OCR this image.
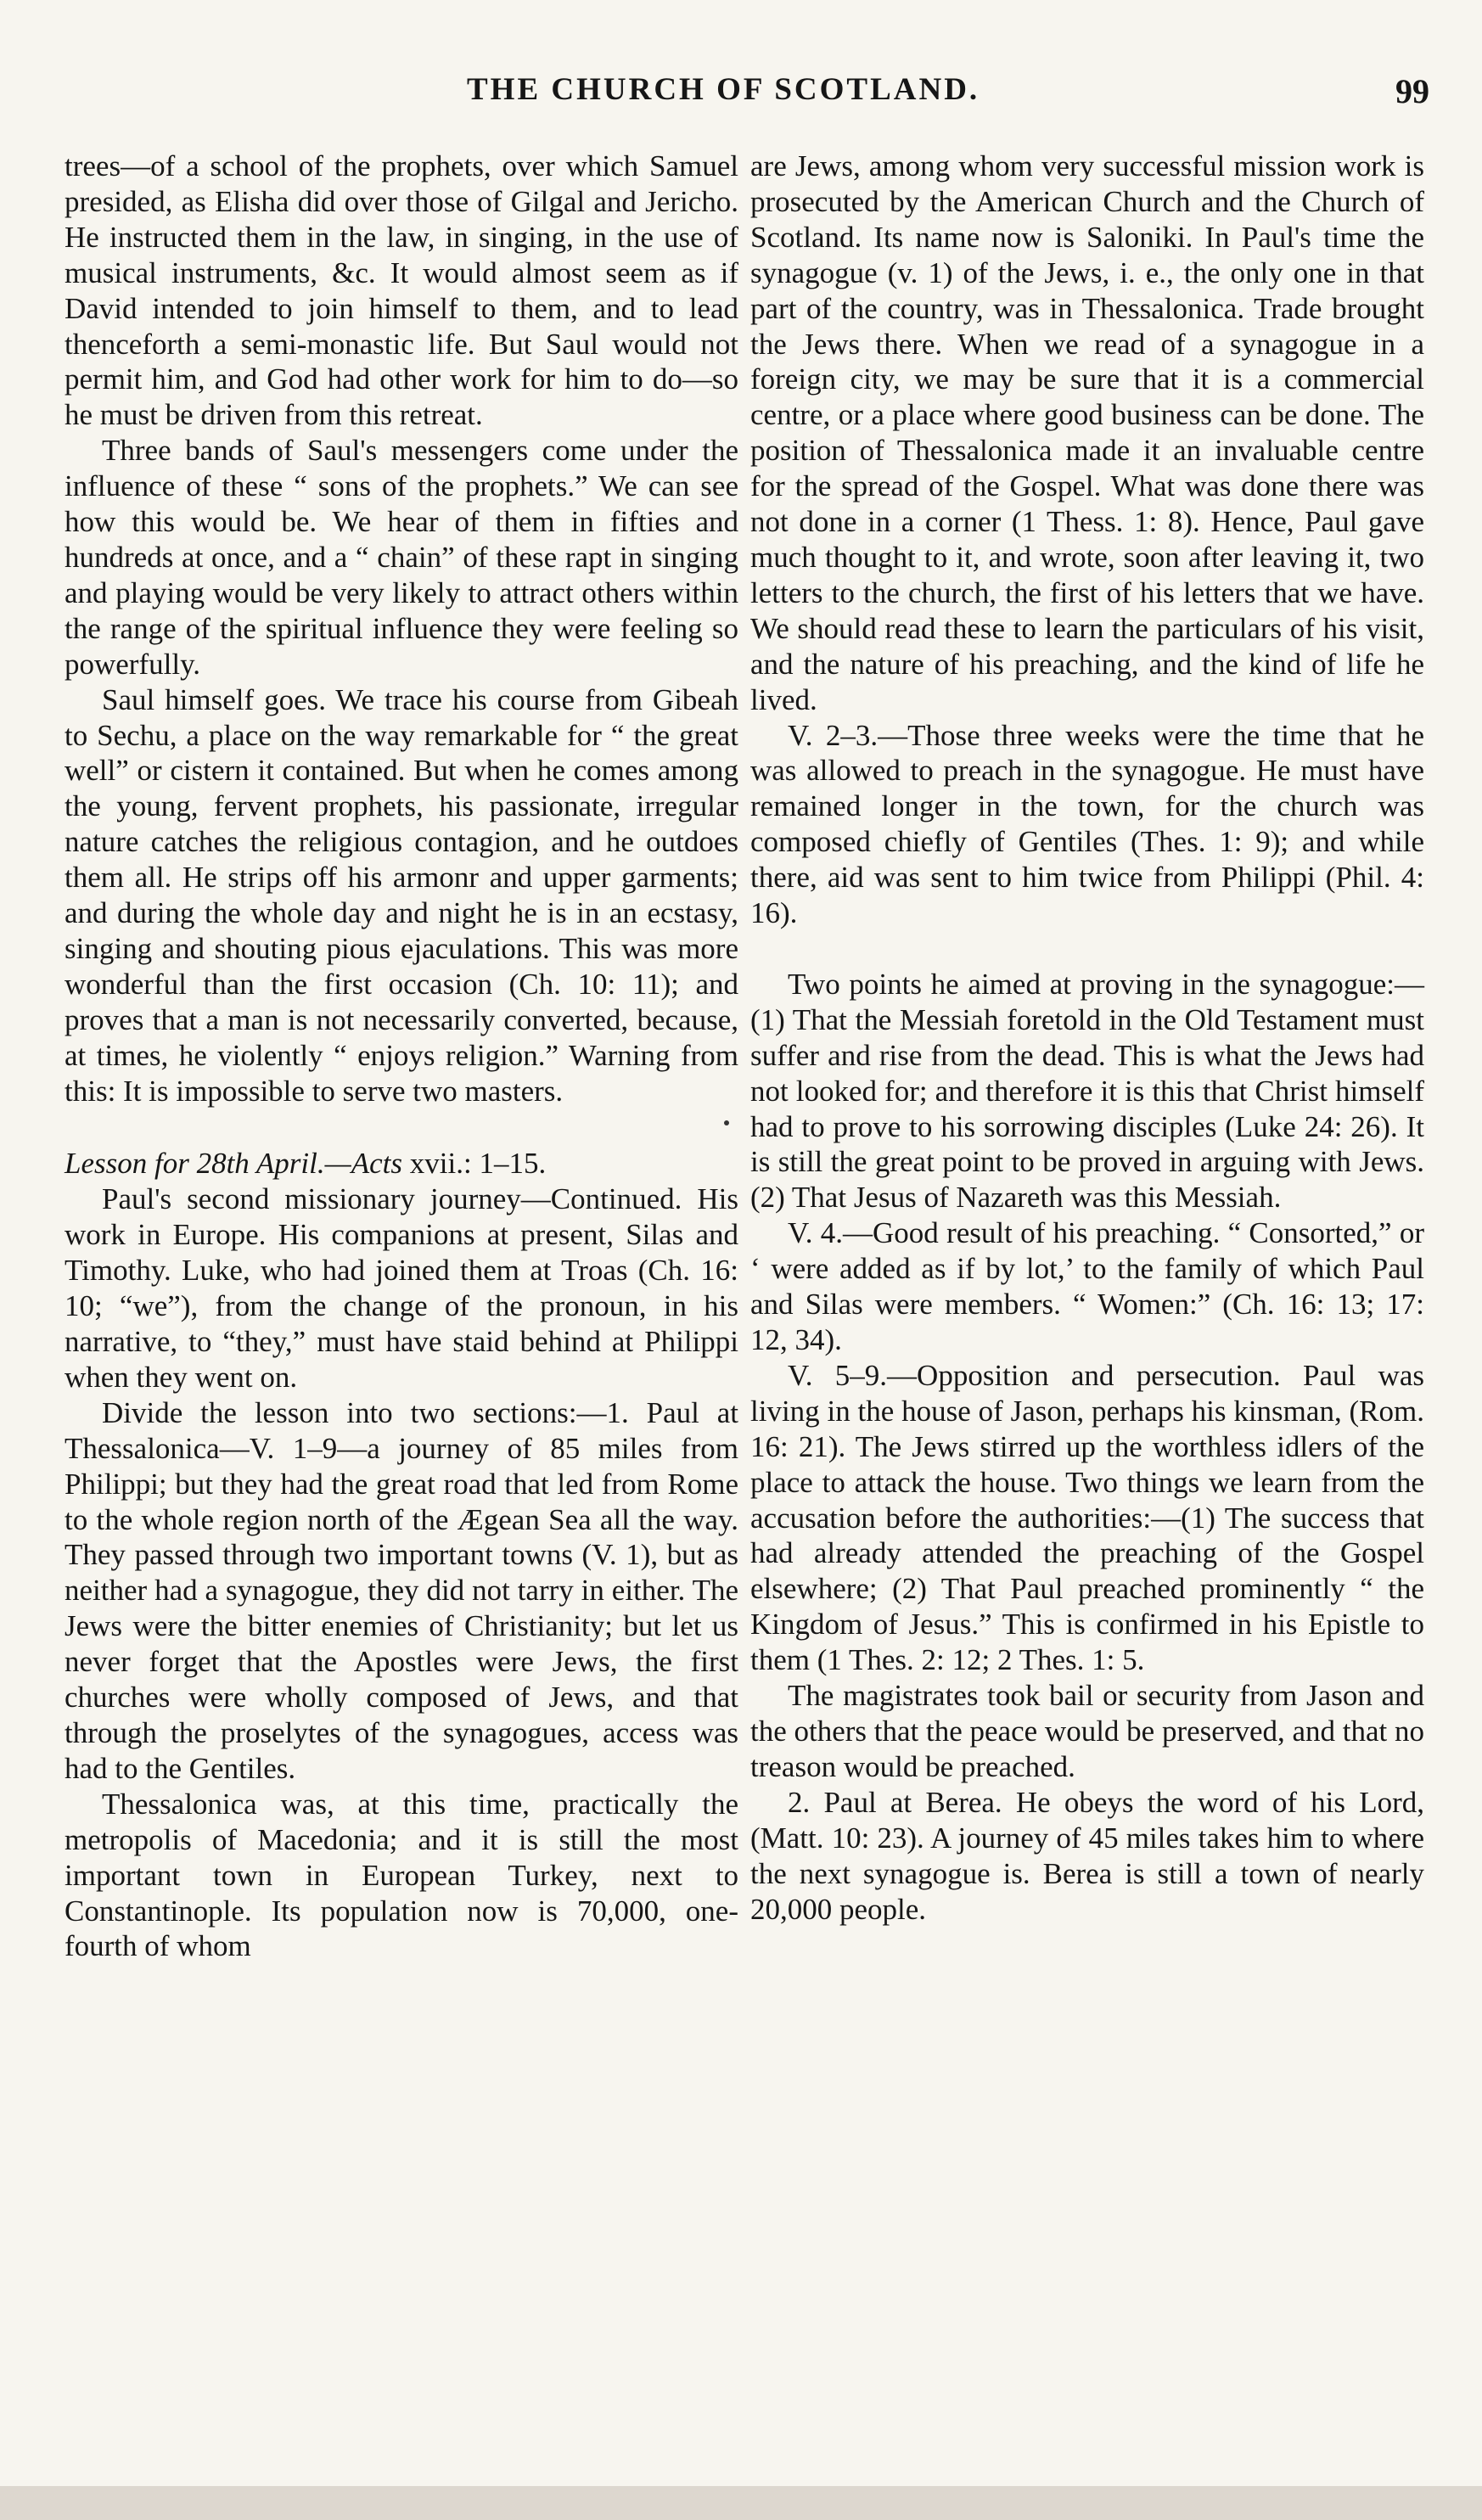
THE CHURCH OF SCOTLAND.	99

trees—of a school of the prophets, over which Samuel presided, as Elisha did over those of Gilgal and Jericho. He instructed them in the law, in singing, in the use of musical instruments, &c. It would almost seem as if David intended to join himself to them, and to lead thenceforth a semi-monastic life. But Saul would not permit him, and God had other work for him to do—so he must be driven from this retreat.

Three bands of Saul's messengers come under the influence of these “ sons of the prophets.” We can see how this would be. We hear of them in fifties and hundreds at once, and a “ chain” of these rapt in singing and playing would be very likely to attract others within the range of the spiritual influence they were feeling so powerfully.

Saul himself goes. We trace his course from Gibeah to Sechu, a place on the way remarkable for “ the great well” or cistern it contained. But when he comes among the young, fervent prophets, his passionate, irregular nature catches the religious contagion, and he outdoes them all. He strips off his armonr and upper garments; and during the whole day and night he is in an ecstasy, singing and shouting pious ejaculations. This was more wonderful than the first occasion (Ch. 10: 11); and proves that a man is not necessarily converted, because, at times, he violently “ enjoys religion.” Warning from this: It is impossible to serve two masters.

Lesson for 28th April.—Acts xvii.: 1–15.

Paul's second missionary journey—Continued. His work in Europe. His companions at present, Silas and Timothy. Luke, who had joined them at Troas (Ch. 16: 10; “we”), from the change of the pronoun, in his narrative, to “they,” must have staid behind at Philippi when they went on.

Divide the lesson into two sections:—1. Paul at Thessalonica—V. 1–9—a journey of 85 miles from Philippi; but they had the great road that led from Rome to the whole region north of the Ægean Sea all the way. They passed through two important towns (V. 1), but as neither had a synagogue, they did not tarry in either. The Jews were the bitter enemies of Christianity; but let us never forget that the Apostles were Jews, the first churches were wholly composed of Jews, and that through the proselytes of the synagogues, access was had to the Gentiles.

Thessalonica was, at this time, practically the metropolis of Macedonia; and it is still the most important town in European Turkey, next to Constantinople. Its population now is 70,000, one-fourth of whom

are Jews, among whom very successful mission work is prosecuted by the American Church and the Church of Scotland. Its name now is Saloniki. In Paul's time the synagogue (v. 1) of the Jews, i. e., the only one in that part of the country, was in Thessalonica. Trade brought the Jews there. When we read of a synagogue in a foreign city, we may be sure that it is a commercial centre, or a place where good business can be done. The position of Thessalonica made it an invaluable centre for the spread of the Gospel. What was done there was not done in a corner (1 Thess. 1: 8). Hence, Paul gave much thought to it, and wrote, soon after leaving it, two letters to the church, the first of his letters that we have. We should read these to learn the particulars of his visit, and the nature of his preaching, and the kind of life he lived.

V. 2–3.—Those three weeks were the time that he was allowed to preach in the synagogue. He must have remained longer in the town, for the church was composed chiefly of Gentiles (Thes. 1: 9); and while there, aid was sent to him twice from Philippi (Phil. 4: 16).

Two points he aimed at proving in the synagogue:—(1) That the Messiah foretold in the Old Testament must suffer and rise from the dead. This is what the Jews had not looked for; and therefore it is this that Christ himself had to prove to his sorrowing disciples (Luke 24: 26). It is still the great point to be proved in arguing with Jews. (2) That Jesus of Nazareth was this Messiah.

V. 4.—Good result of his preaching. “ Consorted,” or ‘ were added as if by lot,’ to the family of which Paul and Silas were members. “ Women:” (Ch. 16: 13; 17: 12, 34).

V. 5–9.—Opposition and persecution. Paul was living in the house of Jason, perhaps his kinsman, (Rom. 16: 21). The Jews stirred up the worthless idlers of the place to attack the house. Two things we learn from the accusation before the authorities:—(1) The success that had already attended the preaching of the Gospel elsewhere; (2) That Paul preached prominently “ the Kingdom of Jesus.” This is confirmed in his Epistle to them (1 Thes. 2: 12; 2 Thes. 1: 5.

The magistrates took bail or security from Jason and the others that the peace would be preserved, and that no treason would be preached.

2. Paul at Berea. He obeys the word of his Lord, (Matt. 10: 23). A journey of 45 miles takes him to where the next synagogue is. Berea is still a town of nearly 20,000 people.
